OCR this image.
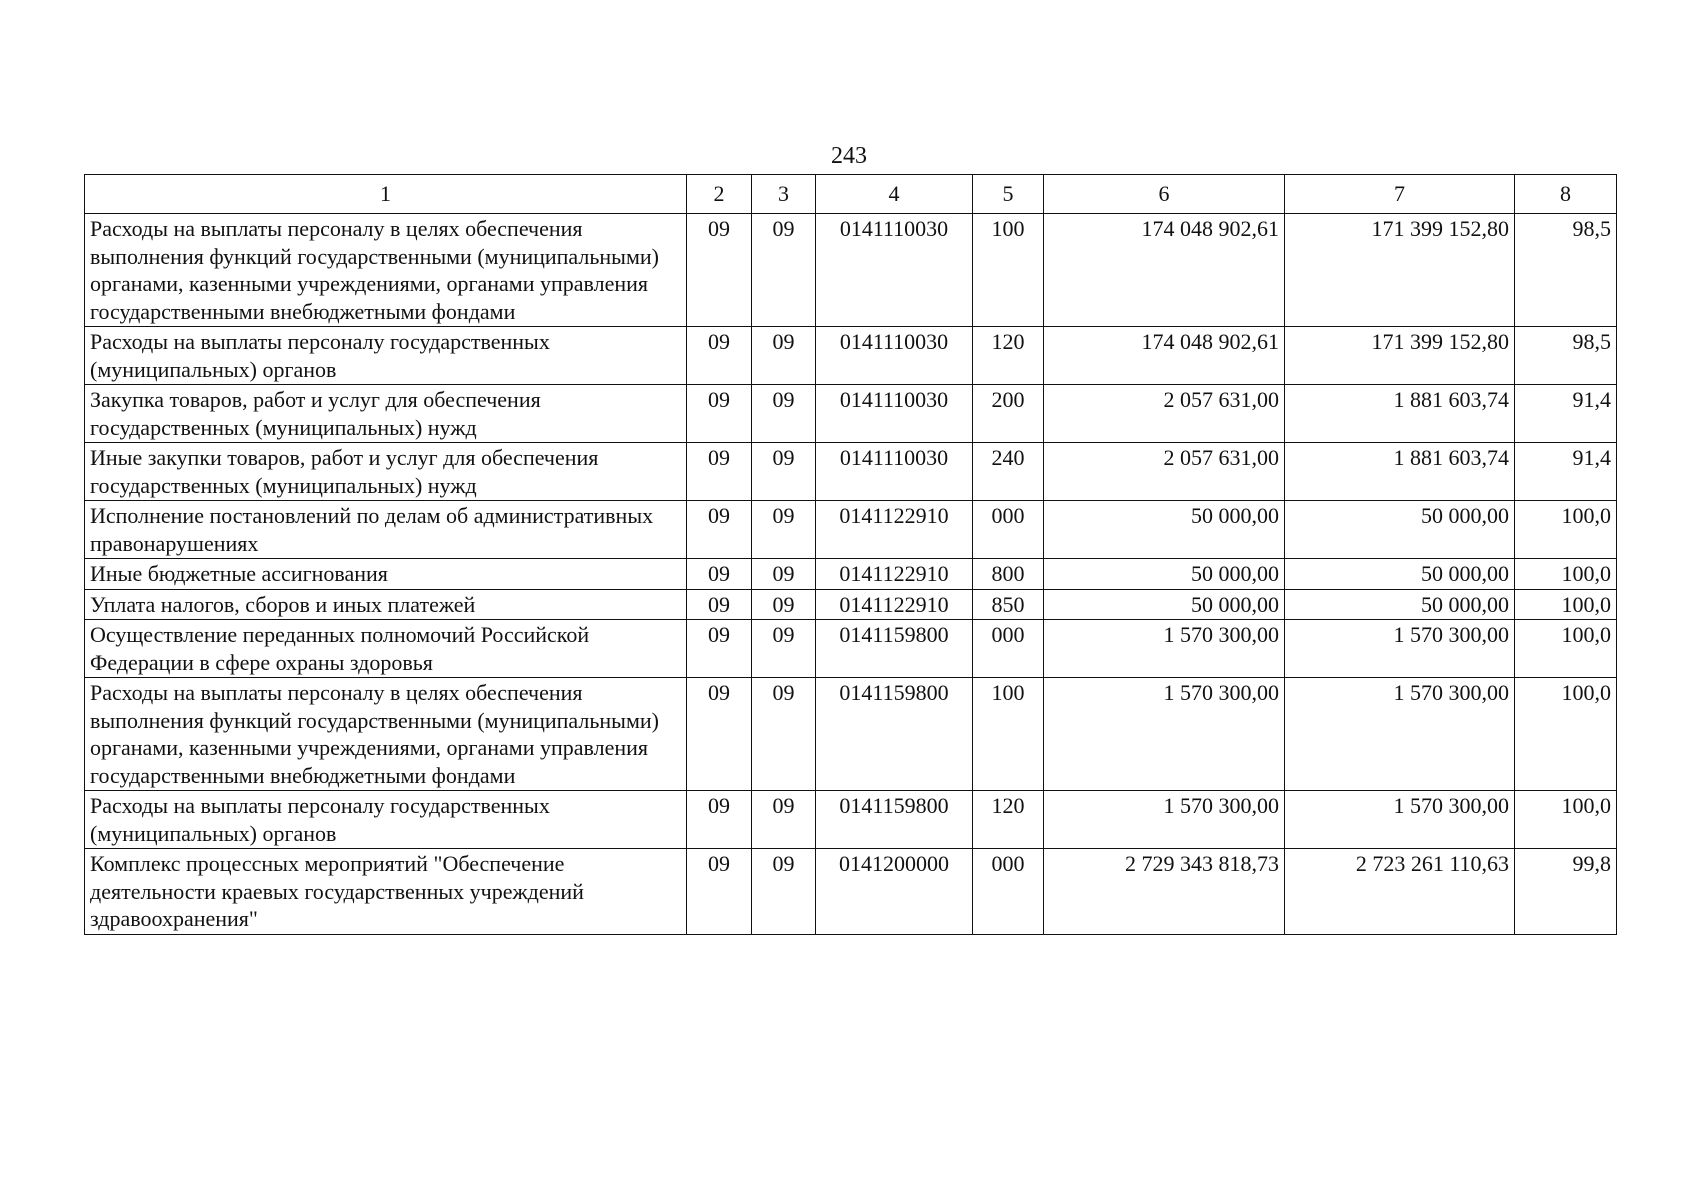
243
1	2	3	4	5	6	7	8
Расходы на выплаты персоналу в целях обеспечения выполнения функций государственными (муниципальными) органами, казенными учреждениями, органами управления государственными внебюджетными фондами	09	09	0141110030	100	174 048 902,61	171 399 152,80	98,5
Расходы на выплаты персоналу государственных (муниципальных) органов	09	09	0141110030	120	174 048 902,61	171 399 152,80	98,5
Закупка товаров, работ и услуг для обеспечения государственных (муниципальных) нужд	09	09	0141110030	200	2 057 631,00	1 881 603,74	91,4
Иные закупки товаров, работ и услуг для обеспечения государственных (муниципальных) нужд	09	09	0141110030	240	2 057 631,00	1 881 603,74	91,4
Исполнение постановлений по делам об административных правонарушениях	09	09	0141122910	000	50 000,00	50 000,00	100,0
Иные бюджетные ассигнования	09	09	0141122910	800	50 000,00	50 000,00	100,0
Уплата налогов, сборов и иных платежей	09	09	0141122910	850	50 000,00	50 000,00	100,0
Осуществление переданных полномочий Российской Федерации в сфере охраны здоровья	09	09	0141159800	000	1 570 300,00	1 570 300,00	100,0
Расходы на выплаты персоналу в целях обеспечения выполнения функций государственными (муниципальными) органами, казенными учреждениями, органами управления государственными внебюджетными фондами	09	09	0141159800	100	1 570 300,00	1 570 300,00	100,0
Расходы на выплаты персоналу государственных (муниципальных) органов	09	09	0141159800	120	1 570 300,00	1 570 300,00	100,0
Комплекс процессных мероприятий "Обеспечение деятельности краевых государственных учреждений здравоохранения"	09	09	0141200000	000	2 729 343 818,73	2 723 261 110,63	99,8
